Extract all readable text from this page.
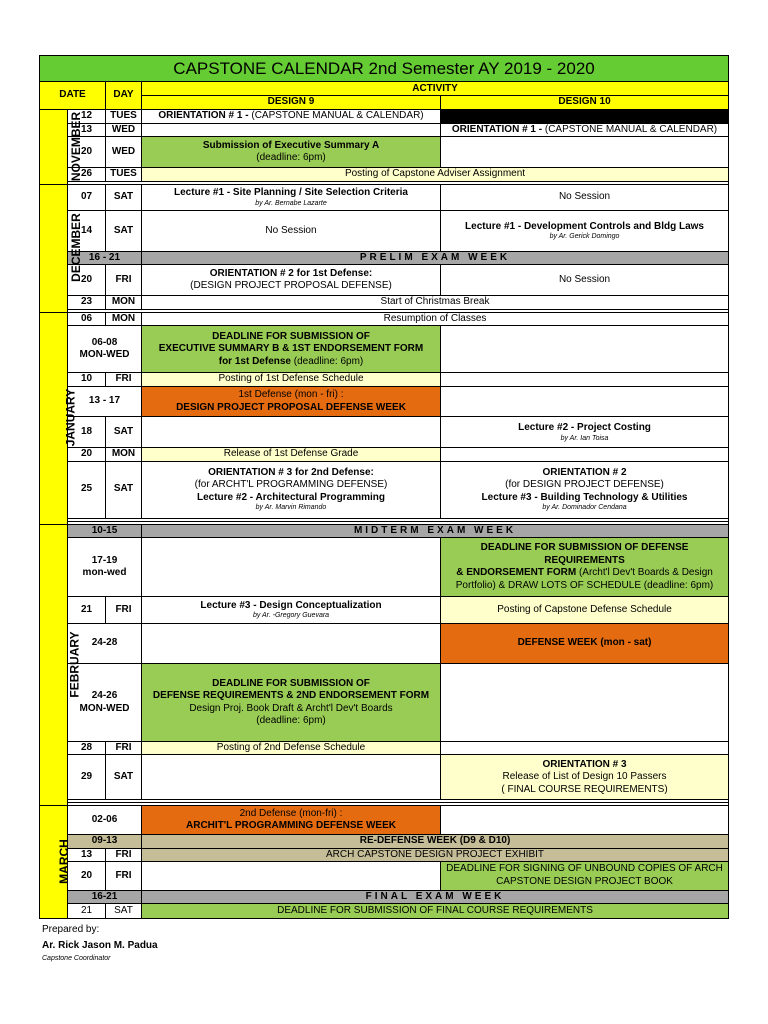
CAPSTONE CALENDAR 2nd Semester AY 2019 - 2020				
DATE		DAY	ACTIVITY	
			DESIGN 9	DESIGN 10
NOVEMBER	12	TUES	ORIENTATION # 1 - (CAPSTONE MANUAL & CALENDAR)	
	13	WED		ORIENTATION # 1 - (CAPSTONE MANUAL & CALENDAR)
	20	WED	Submission of Executive Summary A
(deadline: 6pm)	
	26	TUES	Posting of Capstone Adviser Assignment	

DECEMBER	07	SAT	Lecture #1 - Site Planning / Site Selection Criteria
by Ar. Bernabe Lazarte	No Session
	14	SAT	No Session	Lecture #1 - Development Controls and Bldg Laws
by Ar. Gerick Domingo

	16 - 21		PRELIM EXAM WEEK	
	20	FRI	ORIENTATION # 2 for 1st Defense:
(DESIGN PROJECT PROPOSAL DEFENSE)	No Session
	23	MON	Start of Christmas Break	

JANUARY	06	MON	Resumption of Classes	
	06-08
MON-WED		DEADLINE FOR SUBMISSION OF
EXECUTIVE SUMMARY B & 1ST ENDORSEMENT FORM
for 1st Defense (deadline: 6pm)	
	10	FRI	Posting of 1st Defense Schedule	
	13 - 17		1st Defense (mon - fri) :
DESIGN PROJECT PROPOSAL DEFENSE WEEK	
	18	SAT		Lecture #2 - Project Costing
by Ar. Ian Toisa

	20	MON	Release of 1st Defense Grade	
	25	SAT	ORIENTATION # 3 for 2nd Defense:
(for ARCHT'L PROGRAMMING DEFENSE)
Lecture #2 - Architectural Programming
by Ar. Marvin Rimando	ORIENTATION # 2
(for DESIGN PROJECT DEFENSE)
Lecture #3 - Building Technology & Utilities
by Ar. Dominador Cendana

FEBRUARY	10-15		MIDTERM EXAM WEEK	
	17-19
mon-wed			DEADLINE FOR SUBMISSION OF DEFENSE REQUIREMENTS
& ENDORSEMENT FORM (Archt'l Dev't Boards & Design
Portfolio) & DRAW LOTS OF SCHEDULE (deadline: 6pm)
	21	FRI	Lecture #3 - Design Conceptualization
by Ar. -Gregory Guevara	Posting of Capstone Defense Schedule
	24-28			DEFENSE WEEK (mon - sat)
	24-26
MON-WED		DEADLINE FOR SUBMISSION OF
DEFENSE REQUIREMENTS & 2ND ENDORSEMENT FORM
Design Proj. Book Draft & Archt'l Dev't Boards
(deadline: 6pm)	
	28	FRI	Posting of 2nd Defense Schedule	
	29	SAT		ORIENTATION # 3
Release of List of Design 10 Passers
( FINAL COURSE REQUIREMENTS)

MARCH	02-06		2nd Defense (mon-fri) :
ARCHIT'L PROGRAMMING DEFENSE WEEK	
	09-13		RE-DEFENSE WEEK (D9 & D10)	
	13	FRI	ARCH CAPSTONE DESIGN PROJECT EXHIBIT	
	20	FRI		DEADLINE FOR SIGNING OF UNBOUND COPIES OF ARCH
CAPSTONE DESIGN PROJECT BOOK
	16-21		FINAL EXAM WEEK	
	21	SAT	DEADLINE FOR SUBMISSION OF FINAL COURSE REQUIREMENTS	
Prepared by:
Ar. Rick Jason M. Padua
Capstone Coordinator
